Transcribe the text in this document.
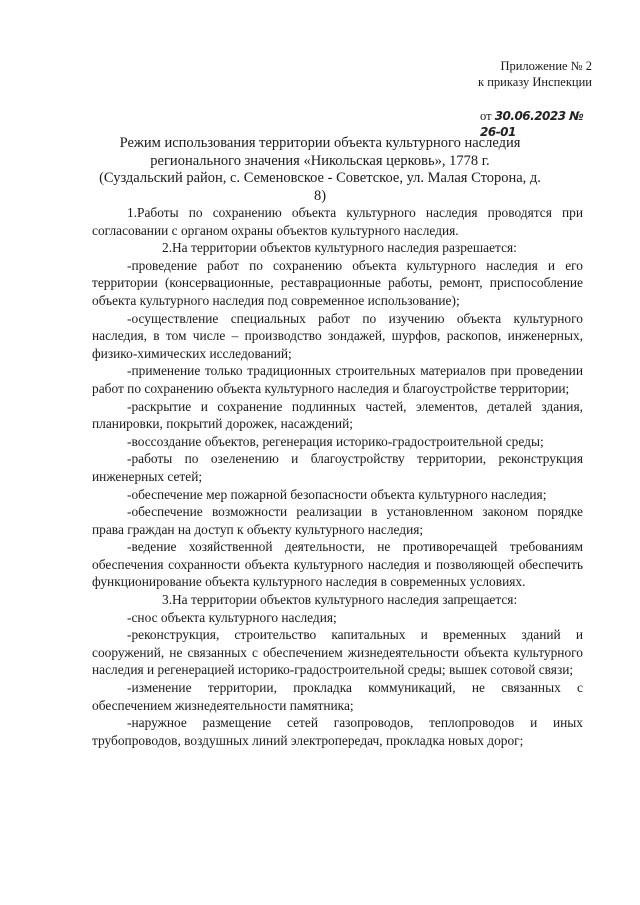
Приложение № 2
к приказу Инспекции
от 30.06.2023 № 26-01
Режим использования территории объекта культурного наследия
регионального значения «Никольская церковь», 1778 г.
(Суздальский район, с. Семеновское - Советское, ул. Малая Сторона, д. 8)

1.Работы по сохранению объекта культурного наследия проводятся при согласовании с органом охраны объектов культурного наследия.

2.На территории объектов культурного наследия разрешается:

-проведение работ по сохранению объекта культурного наследия и его территории (консервационные, реставрационные работы, ремонт, приспособление объекта культурного наследия под современное использование);

-осуществление специальных работ по изучению объекта культурного наследия, в том числе – производство зондажей, шурфов, раскопов, инженерных, физико-химических исследований;

-применение только традиционных строительных материалов при проведении работ по сохранению объекта культурного наследия и благоустройстве территории;

-раскрытие и сохранение подлинных частей, элементов, деталей здания, планировки, покрытий дорожек, насаждений;

-воссоздание объектов, регенерация историко-градостроительной среды;

-работы по озеленению и благоустройству территории, реконструкция инженерных сетей;

-обеспечение мер пожарной безопасности объекта культурного наследия;

-обеспечение возможности реализации в установленном законом порядке права граждан на доступ к объекту культурного наследия;

-ведение хозяйственной деятельности, не противоречащей требованиям обеспечения сохранности объекта культурного наследия и позволяющей обеспечить функционирование объекта культурного наследия в современных условиях.

3.На территории объектов культурного наследия запрещается:

-снос объекта культурного наследия;

-реконструкция, строительство капитальных и временных зданий и сооружений, не связанных с обеспечением жизнедеятельности объекта культурного наследия и регенерацией историко-градостроительной среды; вышек сотовой связи;

-изменение территории, прокладка коммуникаций, не связанных с обеспечением жизнедеятельности памятника;

-наружное размещение сетей газопроводов, теплопроводов и иных трубопроводов, воздушных линий электропередач, прокладка новых дорог;
